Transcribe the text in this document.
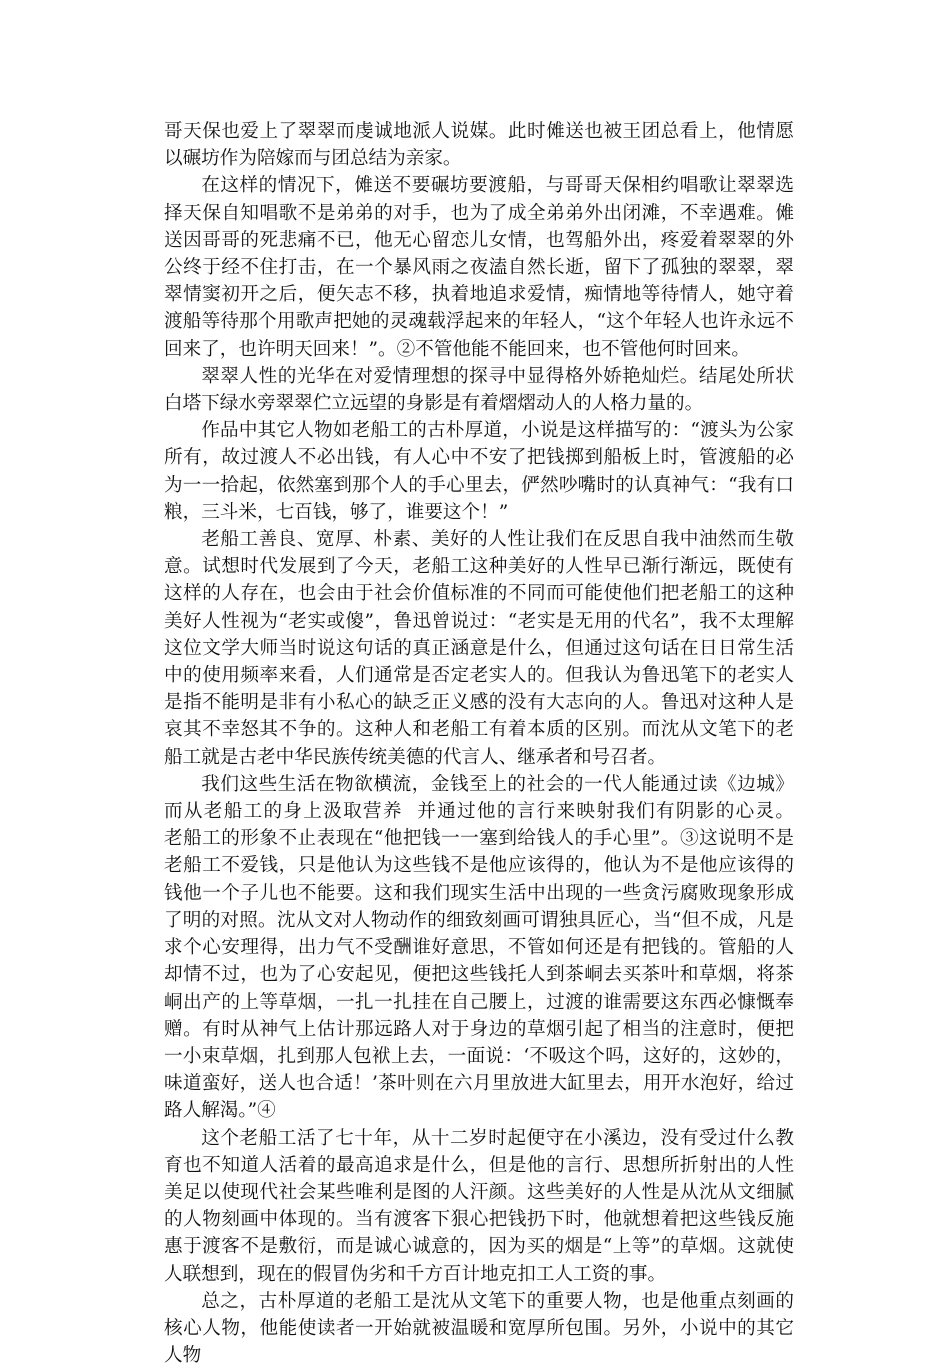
哥天保也爱上了翠翠而虔诚地派人说媒。此时傩送也被王团总看上，他情愿以碾坊作为陪嫁而与团总结为亲家。

在这样的情况下，傩送不要碾坊要渡船，与哥哥天保相约唱歌让翠翠选择天保自知唱歌不是弟弟的对手，也为了成全弟弟外出闭滩，不幸遇难。傩送因哥哥的死悲痛不已，他无心留恋儿女情，也驾船外出，疼爱着翠翠的外公终于经不住打击，在一个暴风雨之夜溘自然长逝，留下了孤独的翠翠，翠翠情窦初开之后，便矢志不移，执着地追求爱情，痴情地等待情人，她守着渡船等待那个用歌声把她的灵魂载浮起来的年轻人，“这个年轻人也许永远不回来了，也许明天回来！”。②不管他能不能回来，也不管他何时回来。

翠翠人性的光华在对爱情理想的探寻中显得格外娇艳灿烂。结尾处所状白塔下绿水旁翠翠伫立远望的身影是有着熠熠动人的人格力量的。

作品中其它人物如老船工的古朴厚道，小说是这样描写的：“渡头为公家所有，故过渡人不必出钱，有人心中不安了把钱掷到船板上时，管渡船的必为一一拾起，依然塞到那个人的手心里去，俨然吵嘴时的认真神气：“我有口粮，三斗米，七百钱，够了，谁要这个！”

老船工善良、宽厚、朴素、美好的人性让我们在反思自我中油然而生敬意。试想时代发展到了今天，老船工这种美好的人性早已渐行渐远，既使有这样的人存在，也会由于社会价值标准的不同而可能使他们把老船工的这种美好人性视为“老实或傻”，鲁迅曾说过：“老实是无用的代名”，我不太理解这位文学大师当时说这句话的真正涵意是什么，但通过这句话在日日常生活中的使用频率来看，人们通常是否定老实人的。但我认为鲁迅笔下的老实人是指不能明是非有小私心的缺乏正义感的没有大志向的人。鲁迅对这种人是哀其不幸怒其不争的。这种人和老船工有着本质的区别。而沈从文笔下的老船工就是古老中华民族传统美德的代言人、继承者和号召者。

我们这些生活在物欲横流，金钱至上的社会的一代人能通过读《边城》而从老船工的身上汲取营养  并通过他的言行来映射我们有阴影的心灵。    老船工的形象不止表现在“他把钱一一塞到给钱人的手心里”。③这说明不是老船工不爱钱，只是他认为这些钱不是他应该得的，他认为不是他应该得的钱他一个子儿也不能要。这和我们现实生活中出现的一些贪污腐败现象形成了明的对照。沈从文对人物动作的细致刻画可谓独具匠心，当“但不成，凡是求个心安理得，出力气不受酬谁好意思，不管如何还是有把钱的。管船的人却情不过，也为了心安起见，便把这些钱托人到茶峒去买茶叶和草烟，将茶峒出产的上等草烟，一扎一扎挂在自己腰上，过渡的谁需要这东西必慷慨奉赠。有时从神气上估计那远路人对于身边的草烟引起了相当的注意时，便把一小束草烟，扎到那人包袱上去，一面说：‘不吸这个吗，这好的，这妙的，味道蛮好，送人也合适！’茶叶则在六月里放进大缸里去，用开水泡好，给过路人解渴。”④

这个老船工活了七十年，从十二岁时起便守在小溪边，没有受过什么教育也不知道人活着的最高追求是什么，但是他的言行、思想所折射出的人性美足以使现代社会某些唯利是图的人汗颜。这些美好的人性是从沈从文细腻的人物刻画中体现的。当有渡客下狠心把钱扔下时，他就想着把这些钱反施惠于渡客不是敷衍，而是诚心诚意的，因为买的烟是“上等”的草烟。这就使人联想到，现在的假冒伪劣和千方百计地克扣工人工资的事。

总之，古朴厚道的老船工是沈从文笔下的重要人物，也是他重点刻画的核心人物，他能使读者一开始就被温暖和宽厚所包围。另外，小说中的其它人物
